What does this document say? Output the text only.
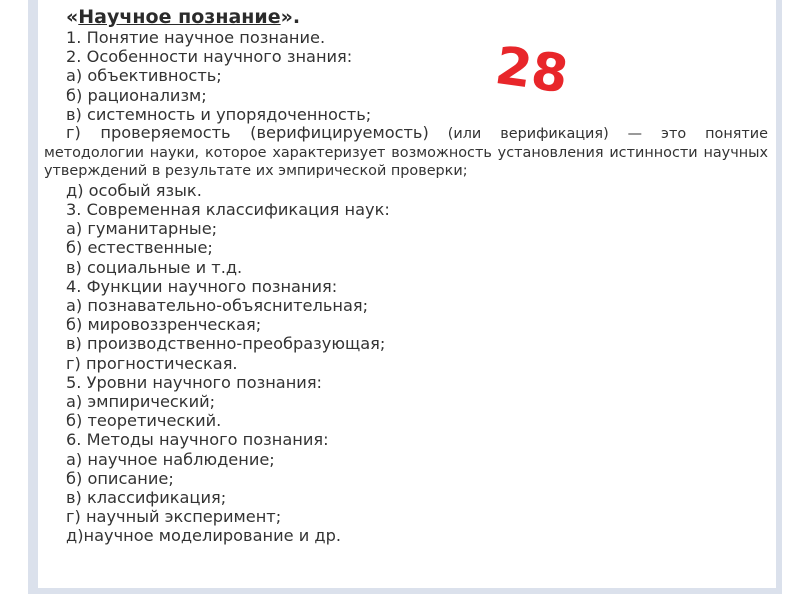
«Научное познание».
1. Понятие научное познание.
2. Особенности научного знания:
а) объективность;
б) рационализм;
в) системность и упорядоченность;
г) проверяемость (верифицируемость) (или верификация) — это понятие методологии науки, которое характеризует возможность установления истинности научных утверждений в результате их эмпирической проверки;
д) особый язык.
3. Современная классификация наук:
а) гуманитарные;
б) естественные;
в) социальные и т.д.
4. Функции научного познания:
а) познавательно-объяснительная;
б) мировоззренческая;
в) производственно-преобразующая;
г) прогностическая.
5. Уровни научного познания:
а) эмпирический;
б) теоретический.
6. Методы научного познания:
а) научное наблюдение;
б) описание;
в) классификация;
г) научный эксперимент;
д)научное моделирование и др.
28
